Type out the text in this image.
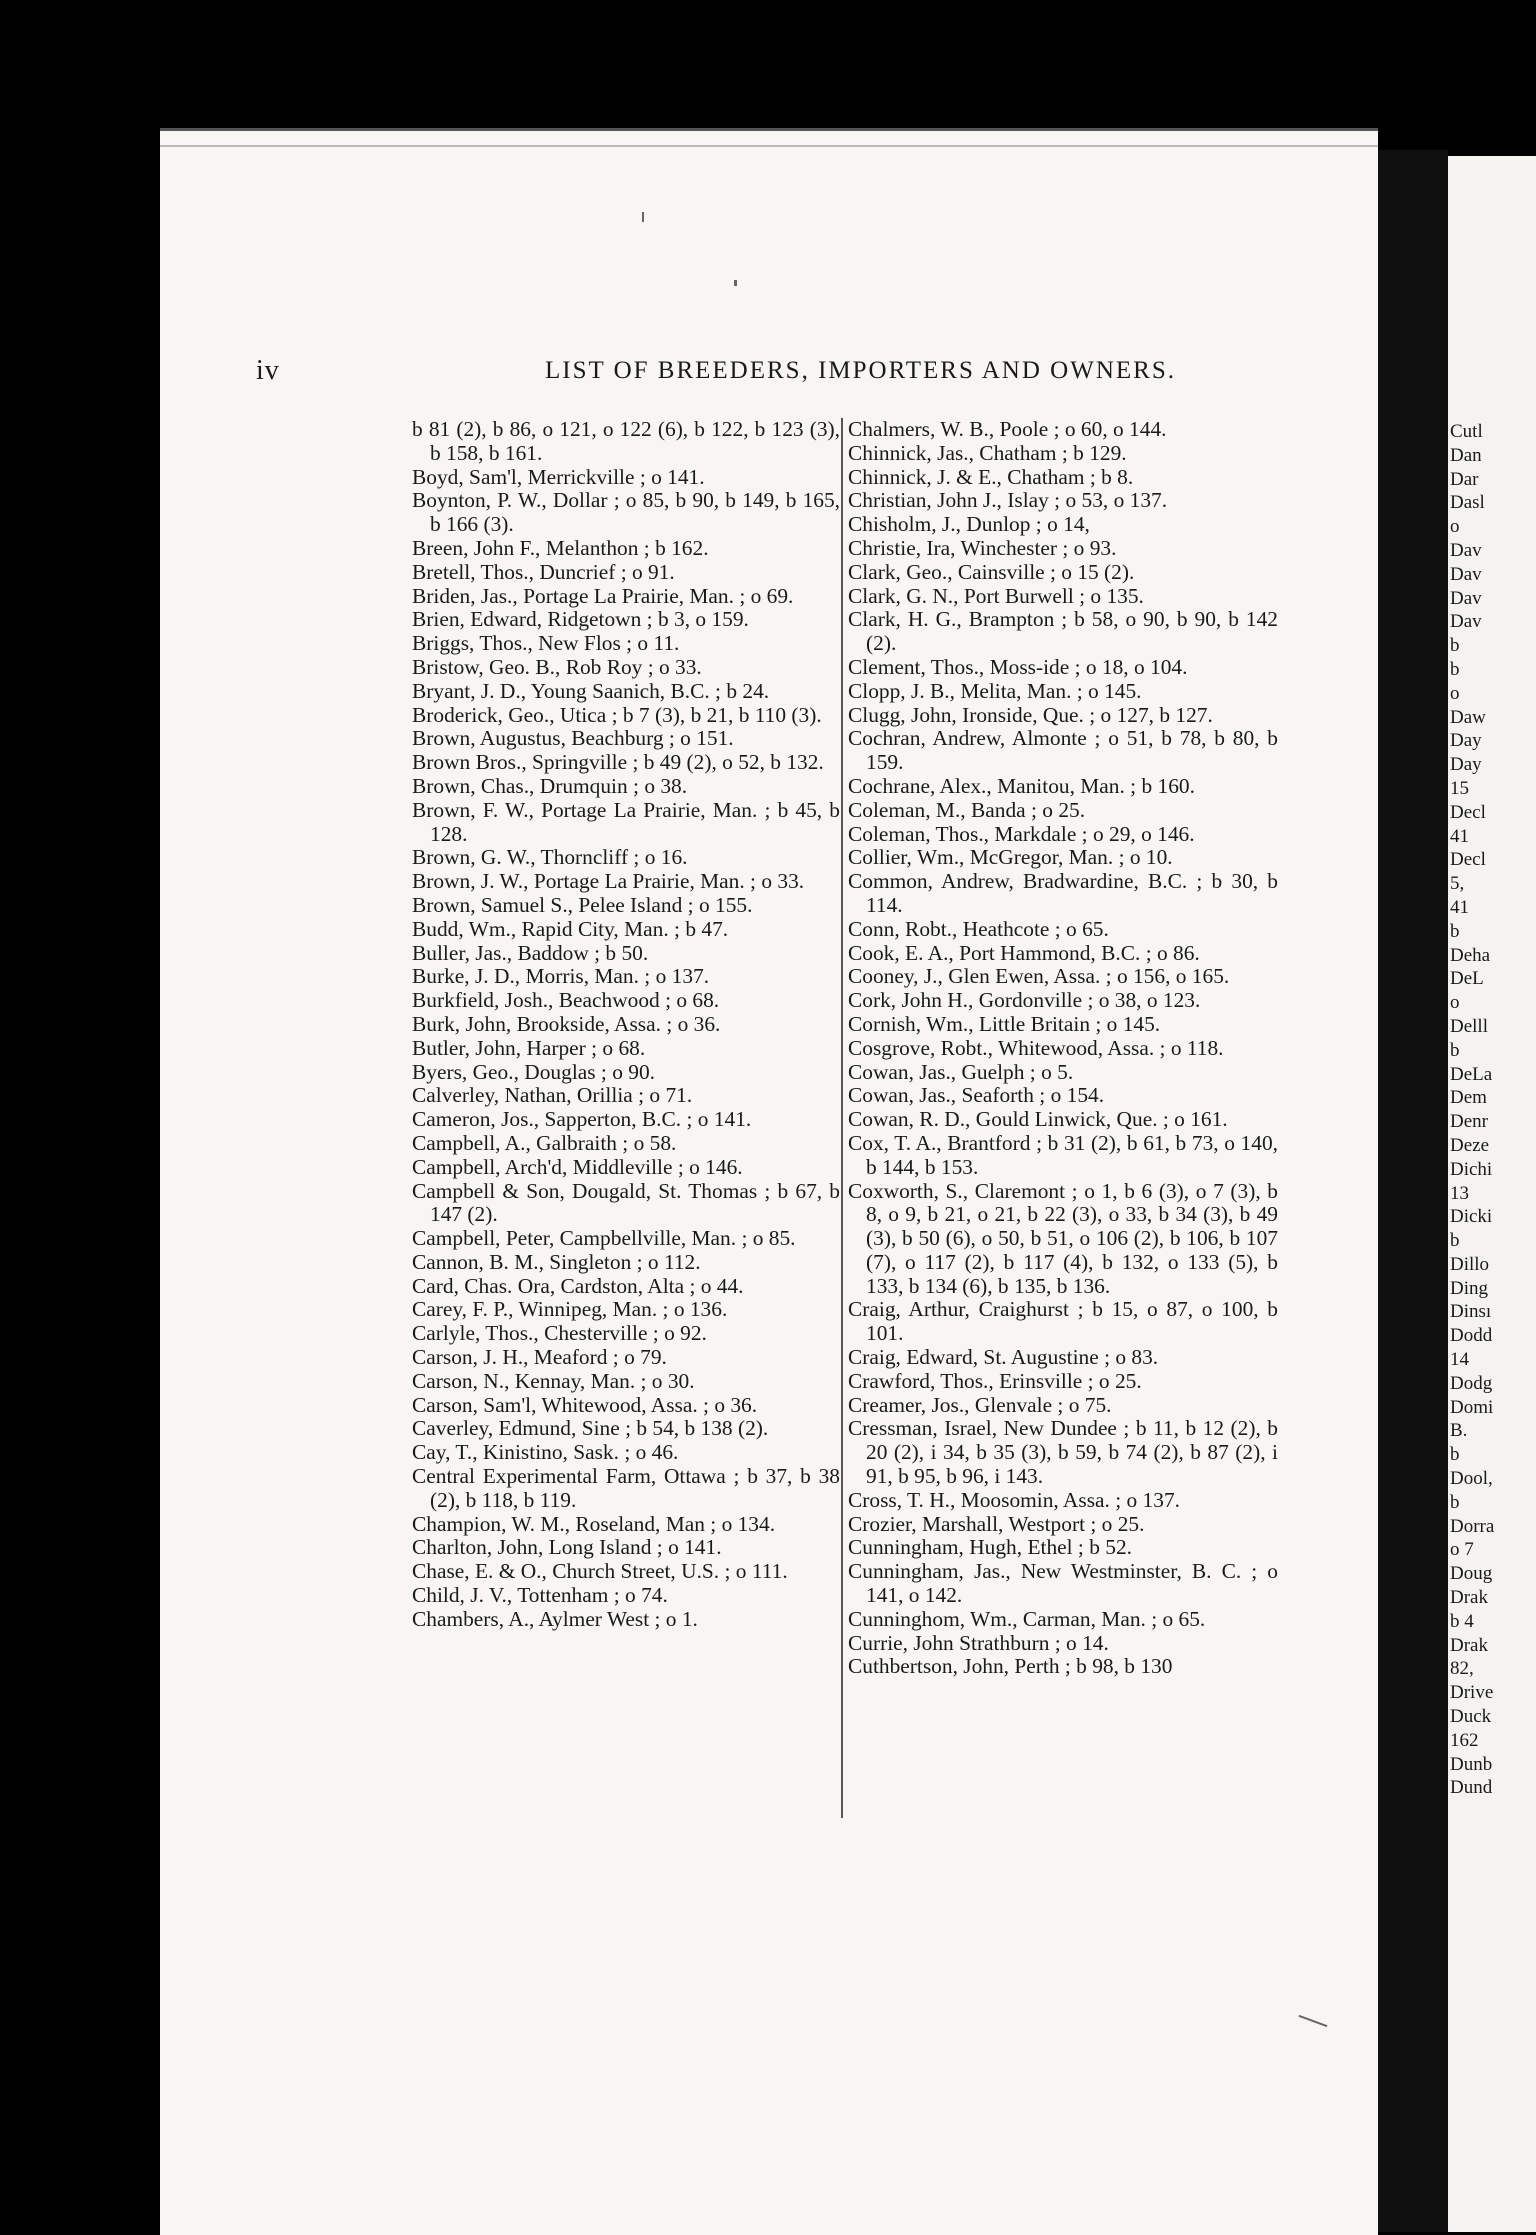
iv	LIST OF BREEDERS, IMPORTERS AND OWNERS.
b 81 (2), b 86, o 121, o 122 (6), b 122, b 123 (3), b 158, b 161.
Boyd, Sam'l, Merrickville ; o 141.
Boynton, P. W., Dollar ; o 85, b 90, b 149, b 165, b 166 (3).
Breen, John F., Melanthon ; b 162.
Bretell, Thos., Duncrief ; o 91.
Briden, Jas., Portage La Prairie, Man. ; o 69.
Brien, Edward, Ridgetown ; b 3, o 159.
Briggs, Thos., New Flos ; o 11.
Bristow, Geo. B., Rob Roy ; o 33.
Bryant, J. D., Young Saanich, B.C. ; b 24.
Broderick, Geo., Utica ; b 7 (3), b 21, b 110 (3).
Brown, Augustus, Beachburg ; o 151.
Brown Bros., Springville ; b 49 (2), o 52, b 132.
Brown, Chas., Drumquin ; o 38.
Brown, F. W., Portage La Prairie, Man. ; b 45, b 128.
Brown, G. W., Thorncliff ; o 16.
Brown, J. W., Portage La Prairie, Man. ; o 33.
Brown, Samuel S., Pelee Island ; o 155.
Budd, Wm., Rapid City, Man. ; b 47.
Buller, Jas., Baddow ; b 50.
Burke, J. D., Morris, Man. ; o 137.
Burkfield, Josh., Beachwood ; o 68.
Burk, John, Brookside, Assa. ; o 36.
Butler, John, Harper ; o 68.
Byers, Geo., Douglas ; o 90.
Calverley, Nathan, Orillia ; o 71.
Cameron, Jos., Sapperton, B.C. ; o 141.
Campbell, A., Galbraith ; o 58.
Campbell, Arch'd, Middleville ; o 146.
Campbell & Son, Dougald, St. Thomas ; b 67, b 147 (2).
Campbell, Peter, Campbellville, Man. ; o 85.
Cannon, B. M., Singleton ; o 112.
Card, Chas. Ora, Cardston, Alta ; o 44.
Carey, F. P., Winnipeg, Man. ; o 136.
Carlyle, Thos., Chesterville ; o 92.
Carson, J. H., Meaford ; o 79.
Carson, N., Kennay, Man. ; o 30.
Carson, Sam'l, Whitewood, Assa. ; o 36.
Caverley, Edmund, Sine ; b 54, b 138 (2).
Cay, T., Kinistino, Sask. ; o 46.
Central Experimental Farm, Ottawa ; b 37, b 38 (2), b 118, b 119.
Champion, W. M., Roseland, Man ; o 134.
Charlton, John, Long Island ; o 141.
Chase, E. & O., Church Street, U.S. ; o 111.
Child, J. V., Tottenham ; o 74.
Chambers, A., Aylmer West ; o 1.
Chalmers, W. B., Poole ; o 60, o 144.
Chinnick, Jas., Chatham ; b 129.
Chinnick, J. & E., Chatham ; b 8.
Christian, John J., Islay ; o 53, o 137.
Chisholm, J., Dunlop ; o 14,
Christie, Ira, Winchester ; o 93.
Clark, Geo., Cainsville ; o 15 (2).
Clark, G. N., Port Burwell ; o 135.
Clark, H. G., Brampton ; b 58, o 90, b 90, b 142 (2).
Clement, Thos., Moss-ide ; o 18, o 104.
Clopp, J. B., Melita, Man. ; o 145.
Clugg, John, Ironside, Que. ; o 127, b 127.
Cochran, Andrew, Almonte ; o 51, b 78, b 80, b 159.
Cochrane, Alex., Manitou, Man. ; b 160.
Coleman, M., Banda ; o 25.
Coleman, Thos., Markdale ; o 29, o 146.
Collier, Wm., McGregor, Man. ; o 10.
Common, Andrew, Bradwardine, B.C. ; b 30, b 114.
Conn, Robt., Heathcote ; o 65.
Cook, E. A., Port Hammond, B.C. ; o 86.
Cooney, J., Glen Ewen, Assa. ; o 156, o 165.
Cork, John H., Gordonville ; o 38, o 123.
Cornish, Wm., Little Britain ; o 145.
Cosgrove, Robt., Whitewood, Assa. ; o 118.
Cowan, Jas., Guelph ; o 5.
Cowan, Jas., Seaforth ; o 154.
Cowan, R. D., Gould Linwick, Que. ; o 161.
Cox, T. A., Brantford ; b 31 (2), b 61, b 73, o 140, b 144, b 153.
Coxworth, S., Claremont ; o 1, b 6 (3), o 7 (3), b 8, o 9, b 21, o 21, b 22 (3), o 33, b 34 (3), b 49 (3), b 50 (6), o 50, b 51, o 106 (2), b 106, b 107 (7), o 117 (2), b 117 (4), b 132, o 133 (5), b 133, b 134 (6), b 135, b 136.
Craig, Arthur, Craighurst ; b 15, o 87, o 100, b 101.
Craig, Edward, St. Augustine ; o 83.
Crawford, Thos., Erinsville ; o 25.
Creamer, Jos., Glenvale ; o 75.
Cressman, Israel, New Dundee ; b 11, b 12 (2), b 20 (2), i 34, b 35 (3), b 59, b 74 (2), b 87 (2), i 91, b 95, b 96, i 143.
Cross, T. H., Moosomin, Assa. ; o 137.
Crozier, Marshall, Westport ; o 25.
Cunningham, Hugh, Ethel ; b 52.
Cunningham, Jas., New Westminster, B. C. ; o 141, o 142.
Cunninghom, Wm., Carman, Man. ; o 65.
Currie, John Strathburn ; o 14.
Cuthbertson, John, Perth ; b 98, b 130
Cutl
Dan
Dar
Dasl
o
Dav
Dav
Dav
Dav
b
b
o
Daw
Day
Day
15
Decl
41
Decl
5,
41
b
Deha
DeL
o
Delll
b
DeLa
Dem
Denr
Deze
Dichi
13
Dicki
b
Dillo
Ding
Dinsı
Dodd
14
Dodg
Domi
B.
b
Dool,
b
Dorra
o 7
Doug
Drak
b 4
Drak
82,
Drive
Duck
162
Dunb
Dund
